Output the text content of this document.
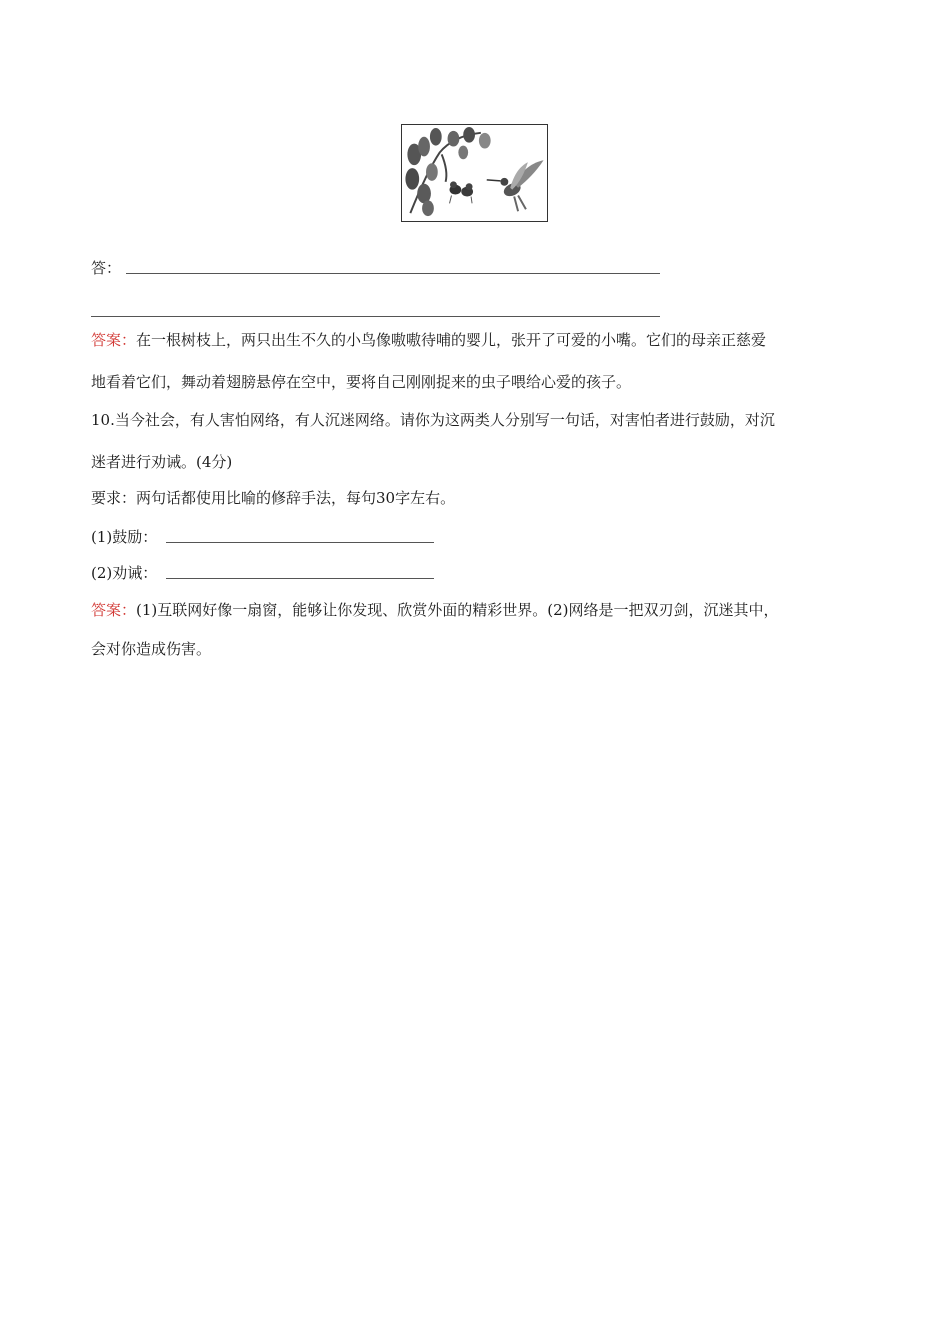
答：
答案：在一根树枝上，两只出生不久的小鸟像嗷嗷待哺的婴儿，张开了可爱的小嘴。它们的母亲正慈爱
地看着它们，舞动着翅膀悬停在空中，要将自己刚刚捉来的虫子喂给心爱的孩子。
10.当今社会，有人害怕网络，有人沉迷网络。请你为这两类人分别写一句话，对害怕者进行鼓励，对沉
迷者进行劝诫。(4分)
要求：两句话都使用比喻的修辞手法，每句30字左右。
(1)鼓励：
(2)劝诫：
答案：(1)互联网好像一扇窗，能够让你发现、欣赏外面的精彩世界。(2)网络是一把双刃剑，沉迷其中，
会对你造成伤害。
